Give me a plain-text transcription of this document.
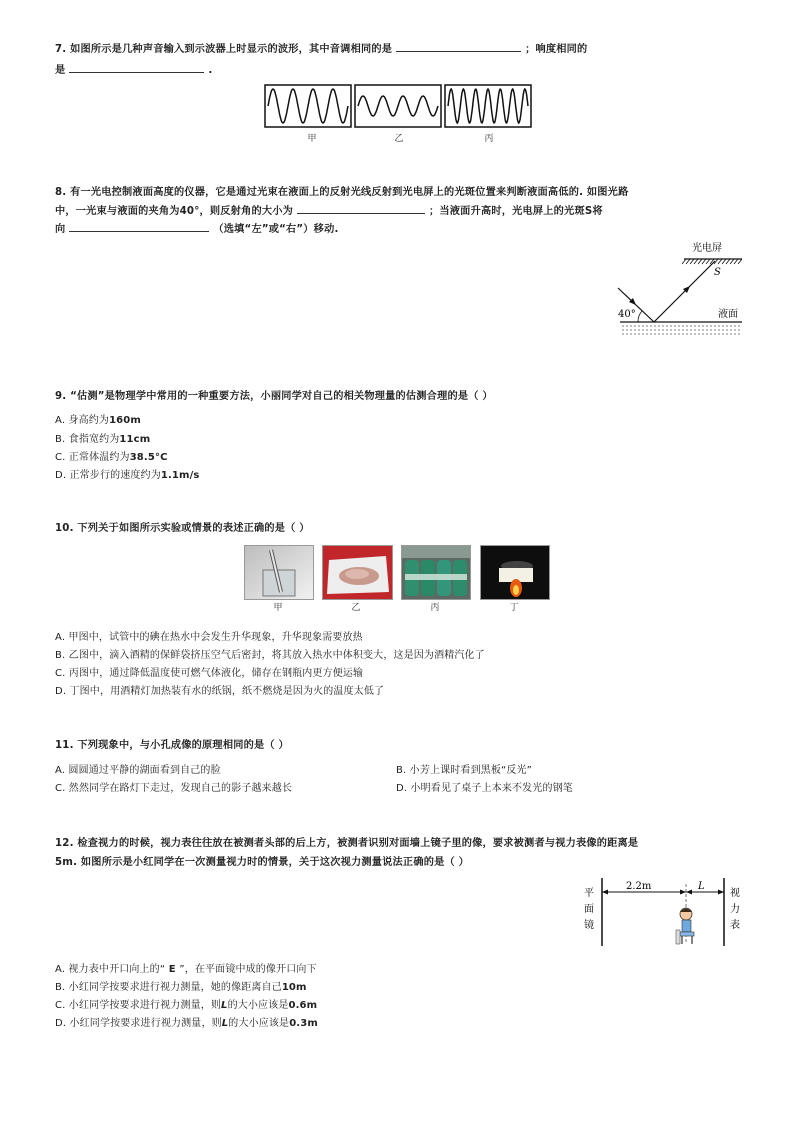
7. 如图所示是几种声音输入到示波器上时显示的波形，其中音调相同的是	；响度相同的
是	.
甲	乙	丙
8. 有一光电控制液面高度的仪器，它是通过光束在液面上的反射光线反射到光电屏上的光斑位置来判断液面高低的. 如图光路
中，一光束与液面的夹角为40°，则反射角的大小为	；当液面升高时，光电屏上的光斑S将
向	（选填“左”或“右”）移动.
光电屏
S
40°	液面
9. “估测”是物理学中常用的一种重要方法，小丽同学对自己的相关物理量的估测合理的是（ ）
A. 身高约为160m
B. 食指宽约为11cm
C. 正常体温约为38.5°C
D. 正常步行的速度约为1.1m/s
10. 下列关于如图所示实验或情景的表述正确的是（ ）
甲	乙	丙	丁
A. 甲图中，试管中的碘在热水中会发生升华现象，升华现象需要放热
B. 乙图中，滴入酒精的保鲜袋挤压空气后密封，将其放入热水中体积变大，这是因为酒精汽化了
C. 丙图中，通过降低温度使可燃气体液化，储存在钢瓶内更方便运输
D. 丁图中，用酒精灯加热装有水的纸锅，纸不燃烧是因为火的温度太低了
11. 下列现象中，与小孔成像的原理相同的是（ ）
A. 圆圆通过平静的湖面看到自己的脸	B. 小芳上课时看到黑板“反光”
C. 然然同学在路灯下走过，发现自己的影子越来越长	D. 小明看见了桌子上本来不发光的钢笔
12. 检查视力的时候，视力表往往放在被测者头部的后上方，被测者识别对面墙上镜子里的像，要求被测者与视力表像的距离是
5m. 如图所示是小红同学在一次测量视力时的情景，关于这次视力测量说法正确的是（ ）
平
面
镜
视
力
表
2.2m	L
A. 视力表中开口向上的“ E ”，在平面镜中成的像开口向下
B. 小红同学按要求进行视力测量，她的像距离自己10m
C. 小红同学按要求进行视力测量，则L的大小应该是0.6m
D. 小红同学按要求进行视力测量，则L的大小应该是0.3m
